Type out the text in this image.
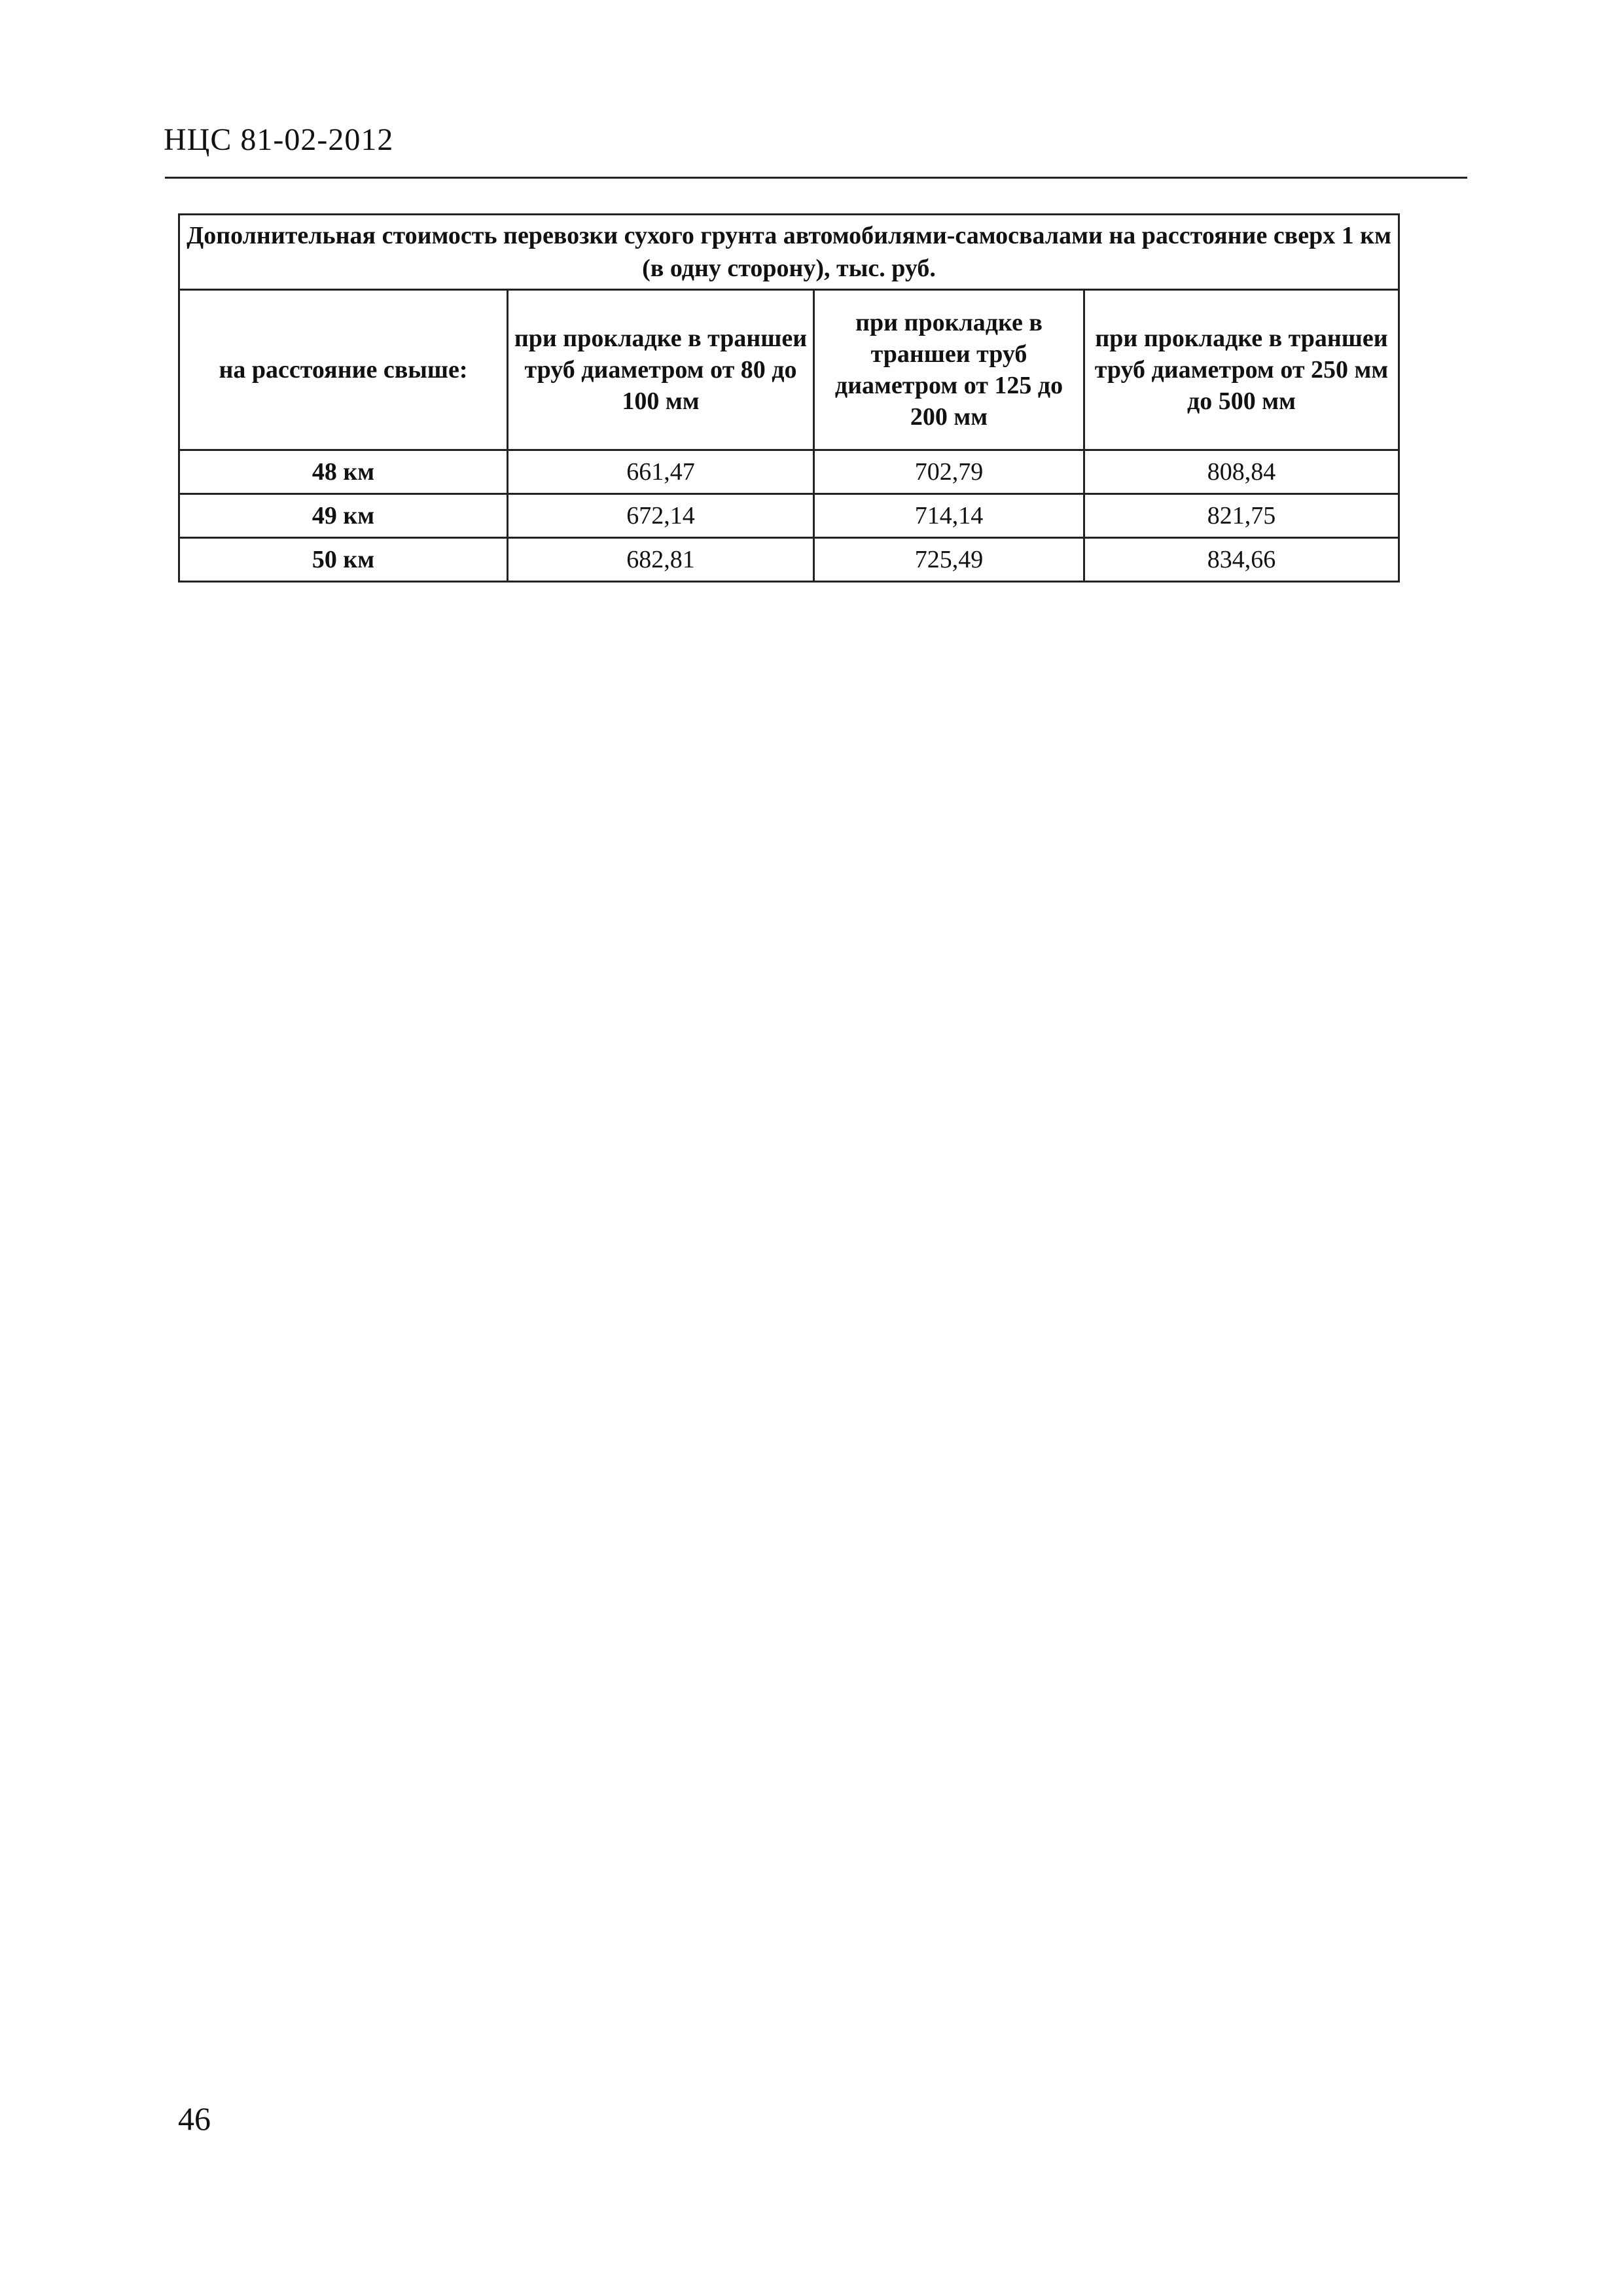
НЦС 81-02-2012
Дополнительная стоимость перевозки сухого грунта автомобилями-самосвалами на расстояние сверх 1 км (в одну сторону), тыс. руб.			
на расстояние свыше:	при прокладке в траншеи труб диаметром от 80 до 100 мм	при прокладке в траншеи труб диаметром от 125 до 200 мм	при прокладке в траншеи труб диаметром от 250 мм до 500 мм
48 км	661,47	702,79	808,84
49 км	672,14	714,14	821,75
50 км	682,81	725,49	834,66
46
